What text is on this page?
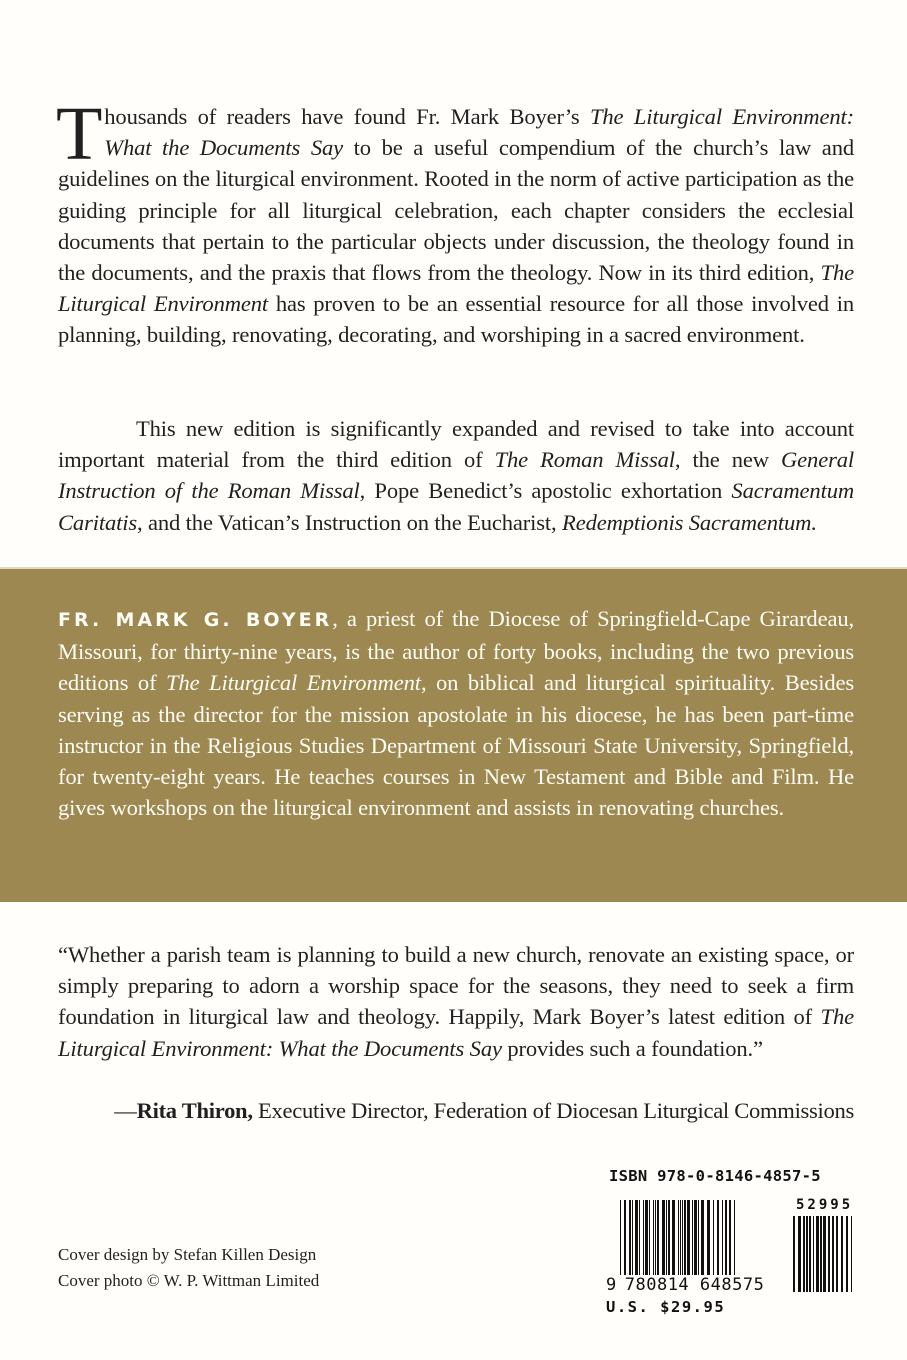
Thousands of readers have found Fr. Mark Boyer’s The Liturgical Environment: What the Documents Say to be a useful compendium of the church’s law and guidelines on the liturgical environment. Rooted in the norm of active participation as the guiding principle for all liturgical celebration, each chapter considers the ecclesial documents that pertain to the particular objects under discussion, the theology found in the documents, and the praxis that flows from the theology. Now in its third edition, The Liturgical Environment has proven to be an essential resource for all those involved in planning, building, renovating, decorating, and worshiping in a sacred environment.

This new edition is significantly expanded and revised to take into account important material from the third edition of The Roman Missal, the new General Instruction of the Roman Missal, Pope Benedict’s apostolic exhortation Sacramentum Caritatis, and the Vatican’s Instruction on the Eucharist, Redemptionis Sacramentum.

FR. MARK G. BOYER, a priest of the Diocese of Springfield-Cape Girardeau, Missouri, for thirty-nine years, is the author of forty books, including the two previous editions of The Liturgical Environment, on biblical and liturgical spirituality. Besides serving as the director for the mission apostolate in his diocese, he has been part-time instructor in the Religious Studies Department of Missouri State University, Springfield, for twenty-eight years. He teaches courses in New Testament and Bible and Film. He gives workshops on the liturgical environment and assists in renovating churches.

“Whether a parish team is planning to build a new church, renovate an existing space, or simply preparing to adorn a worship space for the seasons, they need to seek a firm foundation in liturgical law and theology. Happily, Mark Boyer’s latest edition of The Liturgical Environment: What the Documents Say provides such a foundation.”

—Rita Thiron, Executive Director, Federation of Diocesan Liturgical Commissions

Cover design by Stefan Killen Design
Cover photo © W. P. Wittman Limited
ISBN 978-0-8146-4857-5
52995
9 780814 648575
U.S. $29.95
